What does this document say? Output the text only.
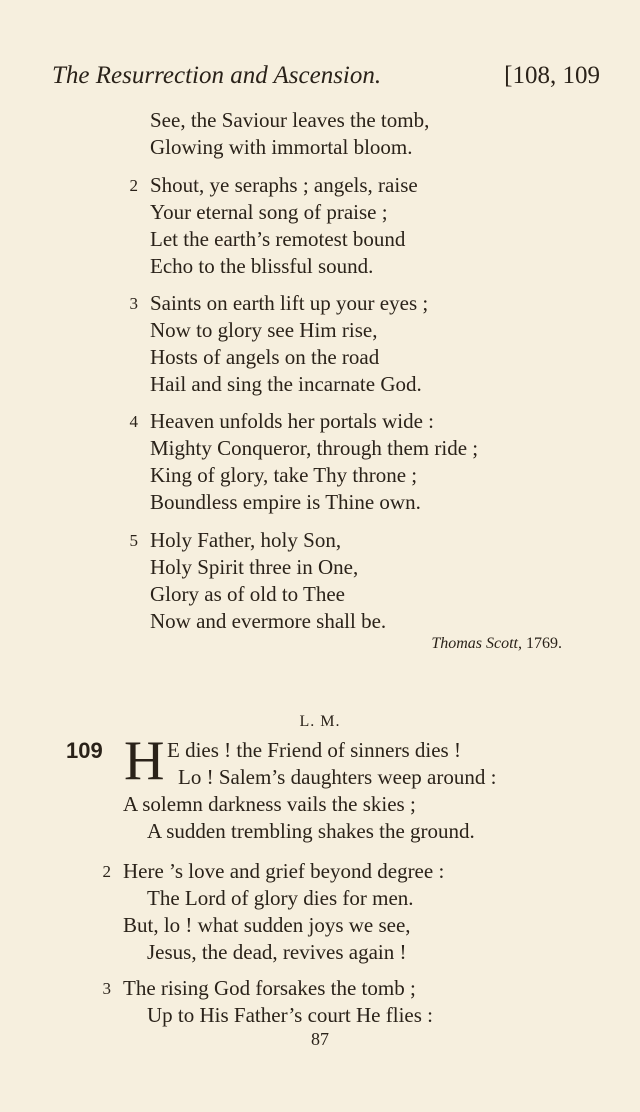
The Resurrection and Ascension.	[108, 109
See, the Saviour leaves the tomb,
Glowing with immortal bloom.
2 Shout, ye seraphs ; angels, raise
Your eternal song of praise ;
Let the earth’s remotest bound
Echo to the blissful sound.
3 Saints on earth lift up your eyes ;
Now to glory see Him rise,
Hosts of angels on the road
Hail and sing the incarnate God.
4 Heaven unfolds her portals wide :
Mighty Conqueror, through them ride ;
King of glory, take Thy throne ;
Boundless empire is Thine own.
5 Holy Father, holy Son,
Holy Spirit three in One,
Glory as of old to Thee
Now and evermore shall be.
Thomas Scott, 1769.
L. M.
109 H E dies ! the Friend of sinners dies !
Lo ! Salem’s daughters weep around :
A solemn darkness vails the skies ;
A sudden trembling shakes the ground.
2 Here ’s love and grief beyond degree :
The Lord of glory dies for men.
But, lo ! what sudden joys we see,
Jesus, the dead, revives again !
3 The rising God forsakes the tomb ;
Up to His Father’s court He flies :
87
